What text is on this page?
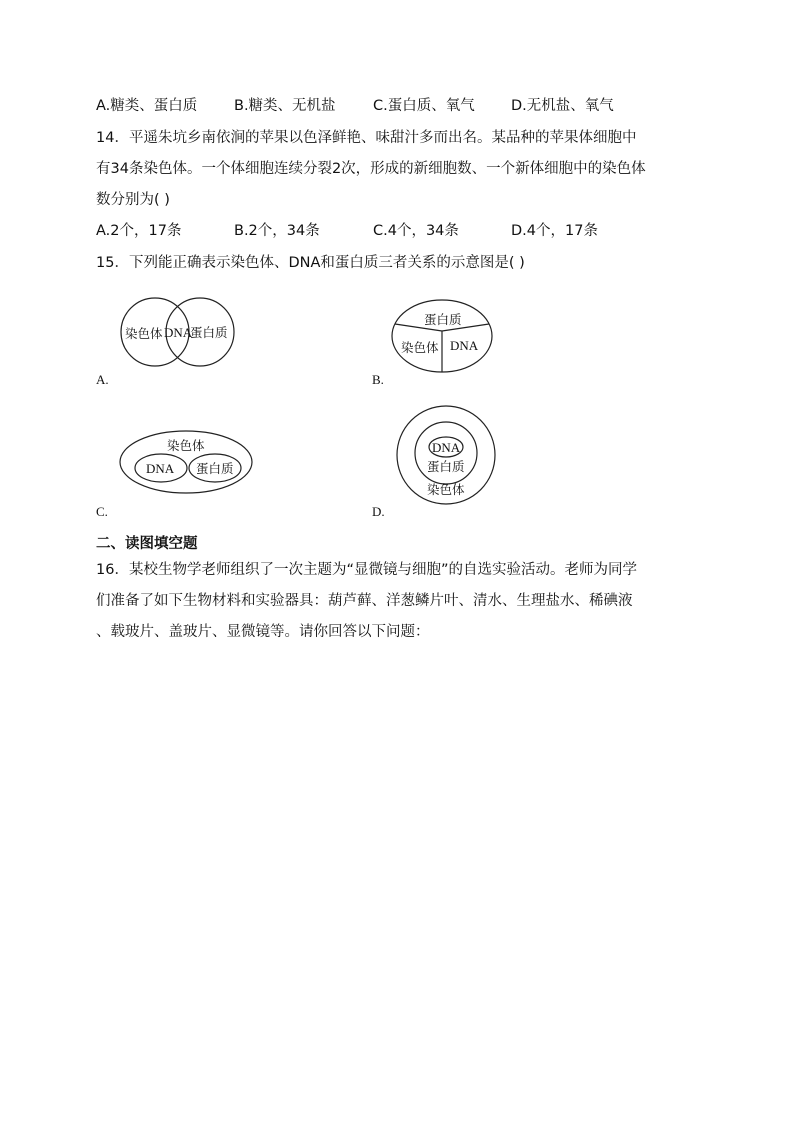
A.糖类、蛋白质	B.糖类、无机盐	C.蛋白质、氧气	D.无机盐、氧气
14．平遥朱坑乡南依涧的苹果以色泽鲜艳、味甜汁多而出名。某品种的苹果体细胞中
有34条染色体。一个体细胞连续分裂2次，形成的新细胞数、一个新体细胞中的染色体
数分别为( )
A.2个，17条	B.2个，34条	C.4个，34条	D.4个，17条
15．下列能正确表示染色体、DNA和蛋白质三者关系的示意图是( )
染色体 DNA
蛋白质
A.
蛋白质
染色体 DNA
B.
染色体
DNA 蛋白质
C.
DNA
蛋白质
染色体
D.
二、读图填空题
16．某校生物学老师组织了一次主题为“显微镜与细胞”的自选实验活动。老师为同学
们准备了如下生物材料和实验器具：葫芦藓、洋葱鳞片叶、清水、生理盐水、稀碘液
、载玻片、盖玻片、显微镜等。请你回答以下问题：
